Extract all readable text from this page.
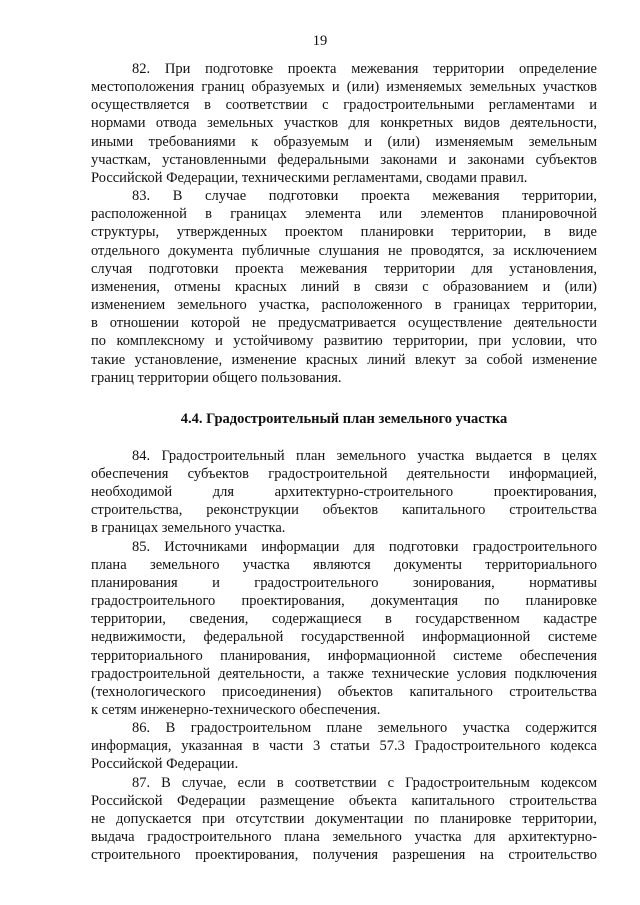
19

82. При подготовке проекта межевания территории определение
местоположения границ образуемых и (или) изменяемых земельных участков
осуществляется в соответствии с градостроительными регламентами и
нормами отвода земельных участков для конкретных видов деятельности,
иными требованиями к образуемым и (или) изменяемым земельным
участкам, установленными федеральными законами и законами субъектов
Российской Федерации, техническими регламентами, сводами правил.

83. В случае подготовки проекта межевания территории,
расположенной в границах элемента или элементов планировочной
структуры, утвержденных проектом планировки территории, в виде
отдельного документа публичные слушания не проводятся, за исключением
случая подготовки проекта межевания территории для установления,
изменения, отмены красных линий в связи с образованием и (или)
изменением земельного участка, расположенного в границах территории,
в отношении которой не предусматривается осуществление деятельности
по комплексному и устойчивому развитию территории, при условии, что
такие установление, изменение красных линий влекут за собой изменение
границ территории общего пользования.

4.4. Градостроительный план земельного участка

84. Градостроительный план земельного участка выдается в целях
обеспечения субъектов градостроительной деятельности информацией,
необходимой для архитектурно-строительного проектирования,
строительства, реконструкции объектов капитального строительства
в границах земельного участка.

85. Источниками информации для подготовки градостроительного
плана земельного участка являются документы территориального
планирования и градостроительного зонирования, нормативы
градостроительного проектирования, документация по планировке
территории, сведения, содержащиеся в государственном кадастре
недвижимости, федеральной государственной информационной системе
территориального планирования, информационной системе обеспечения
градостроительной деятельности, а также технические условия подключения
(технологического присоединения) объектов капитального строительства
к сетям инженерно-технического обеспечения.

86. В градостроительном плане земельного участка содержится
информация, указанная в части 3 статьи 57.3 Градостроительного кодекса
Российской Федерации.

87. В случае, если в соответствии с Градостроительным кодексом
Российской Федерации размещение объекта капитального строительства
не допускается при отсутствии документации по планировке территории,
выдача градостроительного плана земельного участка для архитектурно-
строительного проектирования, получения разрешения на строительство
